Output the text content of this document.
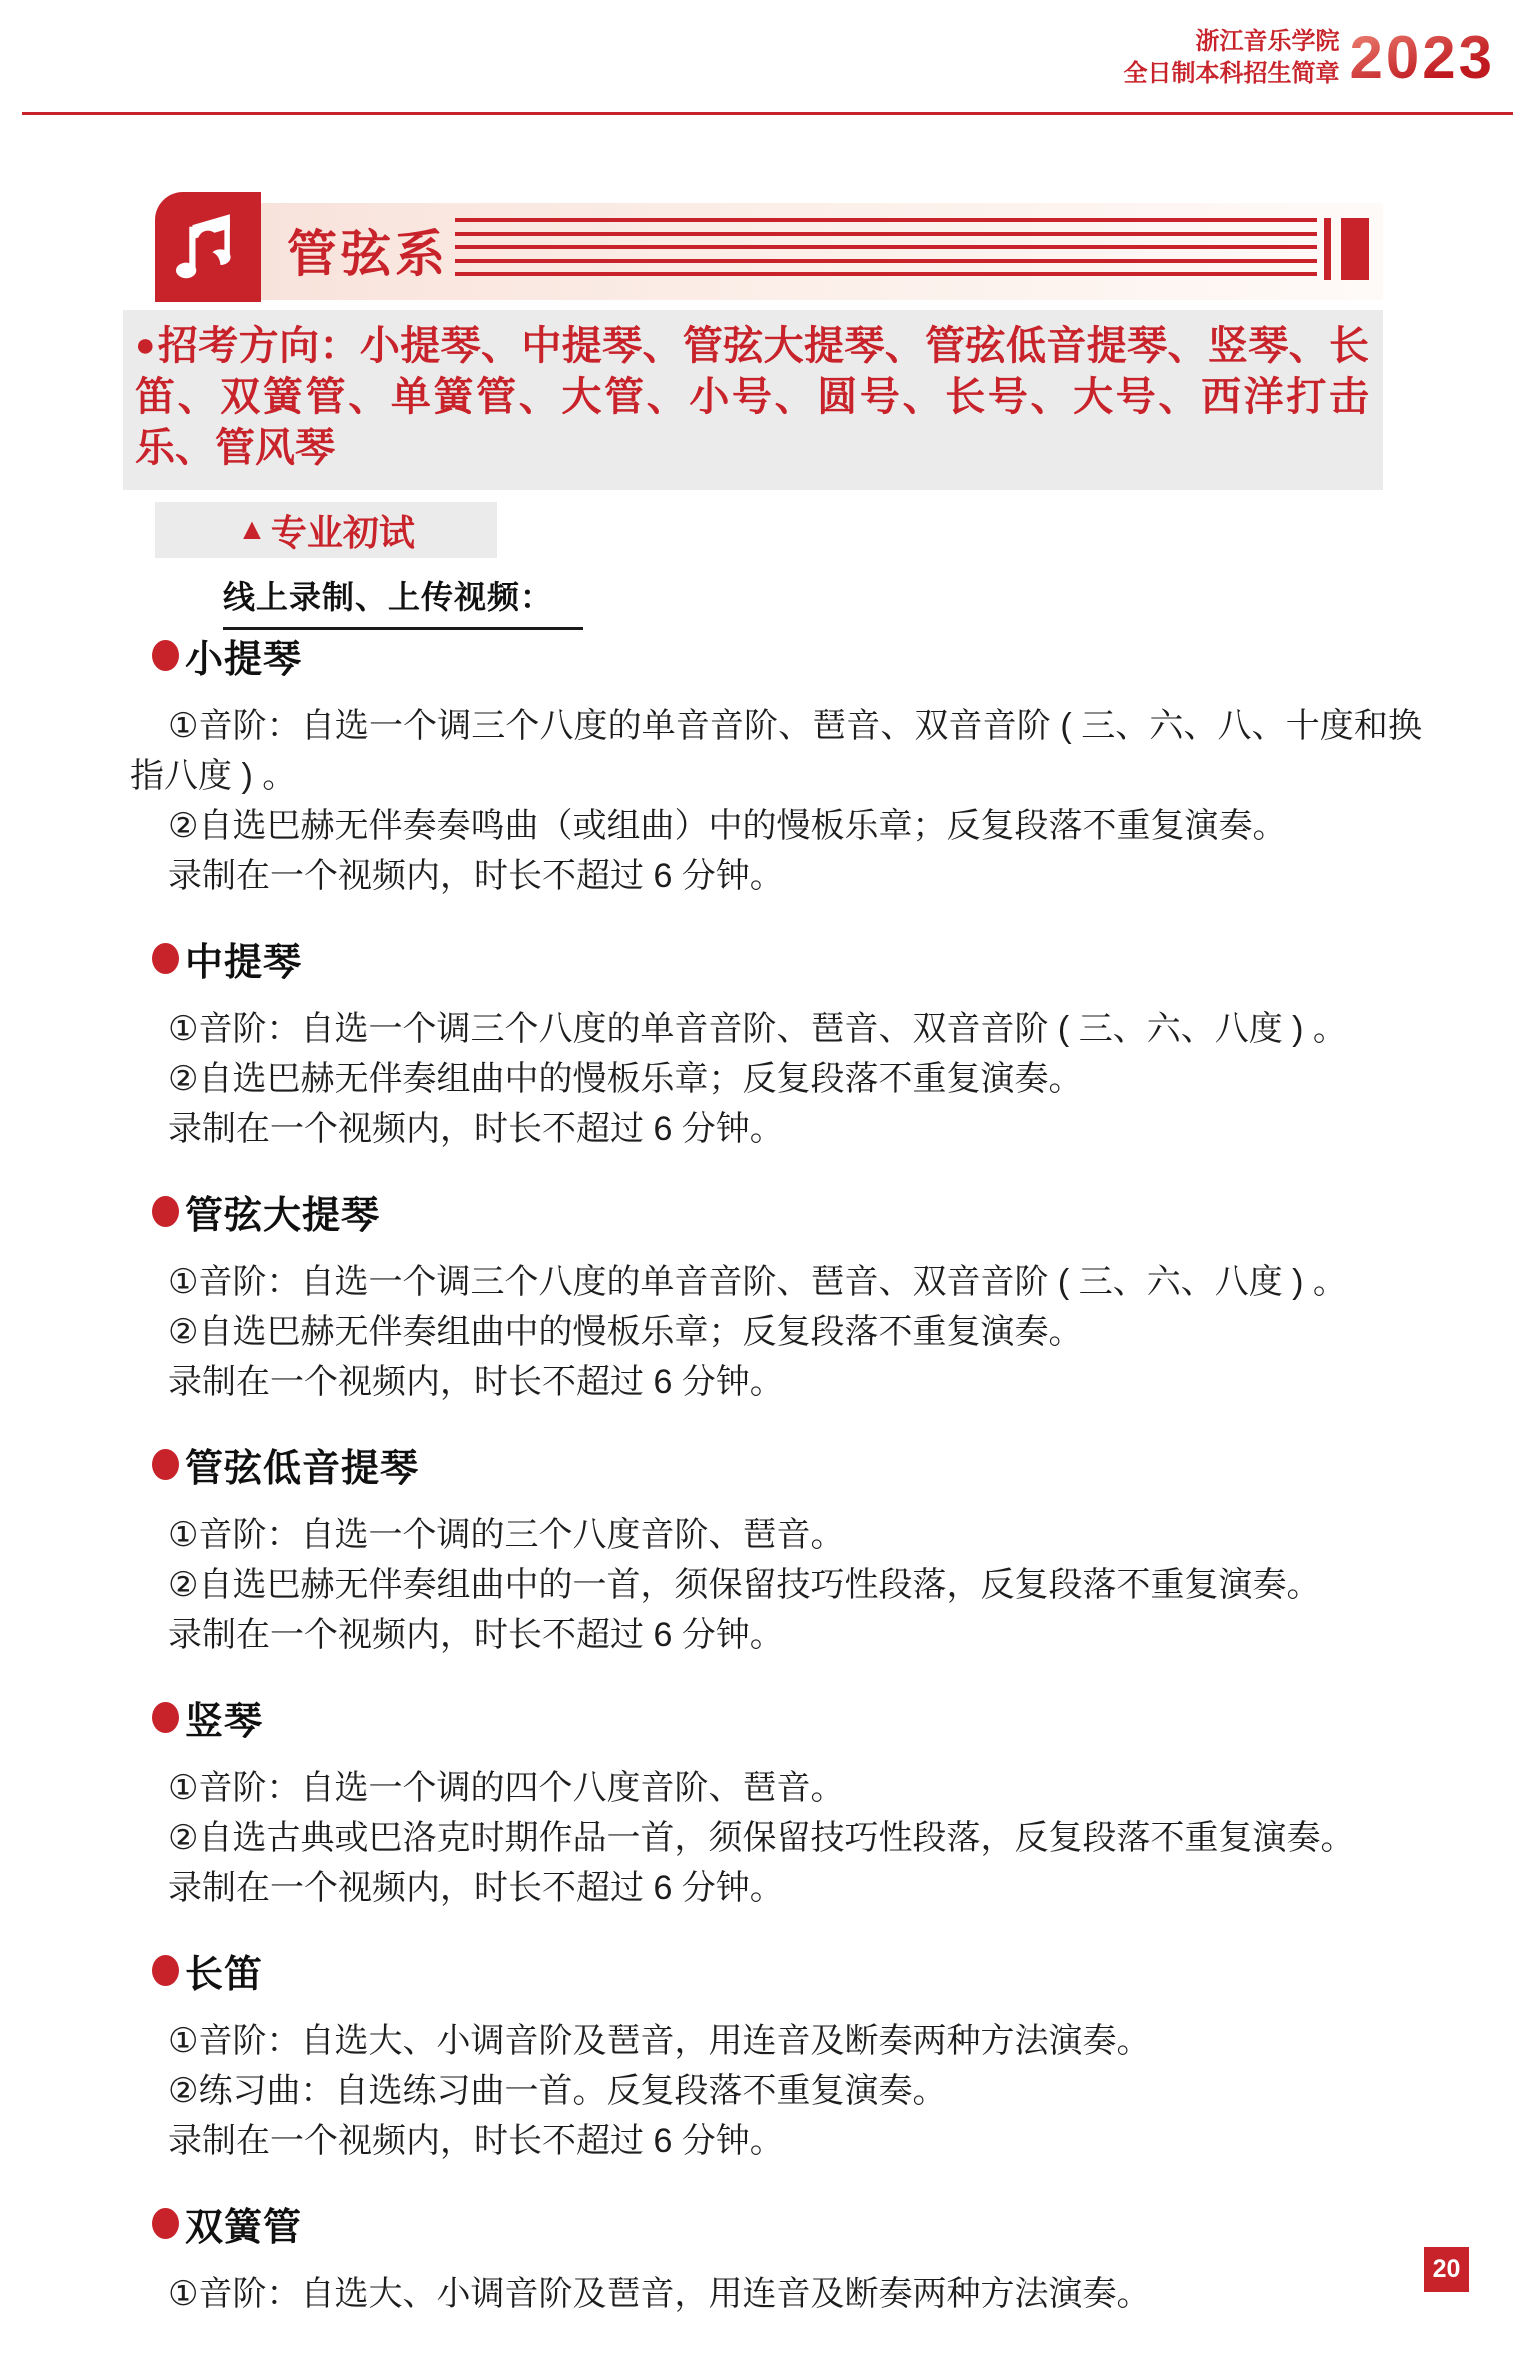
浙江音乐学院
全日制本科招生简章 2023
管弦系
●招考方向：小提琴、中提琴、管弦大提琴、管弦低音提琴、竖琴、长笛、双簧管、单簧管、大管、小号、圆号、长号、大号、西洋打击乐、管风琴
▲ 专业初试
线上录制、上传视频：
小提琴

①音阶：自选一个调三个八度的单音音阶、琶音、双音音阶 ( 三、六、八、十度和换指八度 ) 。

②自选巴赫无伴奏奏鸣曲（或组曲）中的慢板乐章；反复段落不重复演奏。

录制在一个视频内，时长不超过 6 分钟。

中提琴

①音阶：自选一个调三个八度的单音音阶、琶音、双音音阶 ( 三、六、八度 ) 。

②自选巴赫无伴奏组曲中的慢板乐章；反复段落不重复演奏。

录制在一个视频内，时长不超过 6 分钟。

管弦大提琴

①音阶：自选一个调三个八度的单音音阶、琶音、双音音阶 ( 三、六、八度 ) 。

②自选巴赫无伴奏组曲中的慢板乐章；反复段落不重复演奏。

录制在一个视频内，时长不超过 6 分钟。

管弦低音提琴

①音阶：自选一个调的三个八度音阶、琶音。

②自选巴赫无伴奏组曲中的一首，须保留技巧性段落，反复段落不重复演奏。

录制在一个视频内，时长不超过 6 分钟。

竖琴

①音阶：自选一个调的四个八度音阶、琶音。

②自选古典或巴洛克时期作品一首，须保留技巧性段落，反复段落不重复演奏。

录制在一个视频内，时长不超过 6 分钟。

长笛

①音阶：自选大、小调音阶及琶音，用连音及断奏两种方法演奏。

②练习曲：自选练习曲一首。反复段落不重复演奏。

录制在一个视频内，时长不超过 6 分钟。

双簧管

①音阶：自选大、小调音阶及琶音，用连音及断奏两种方法演奏。

20
